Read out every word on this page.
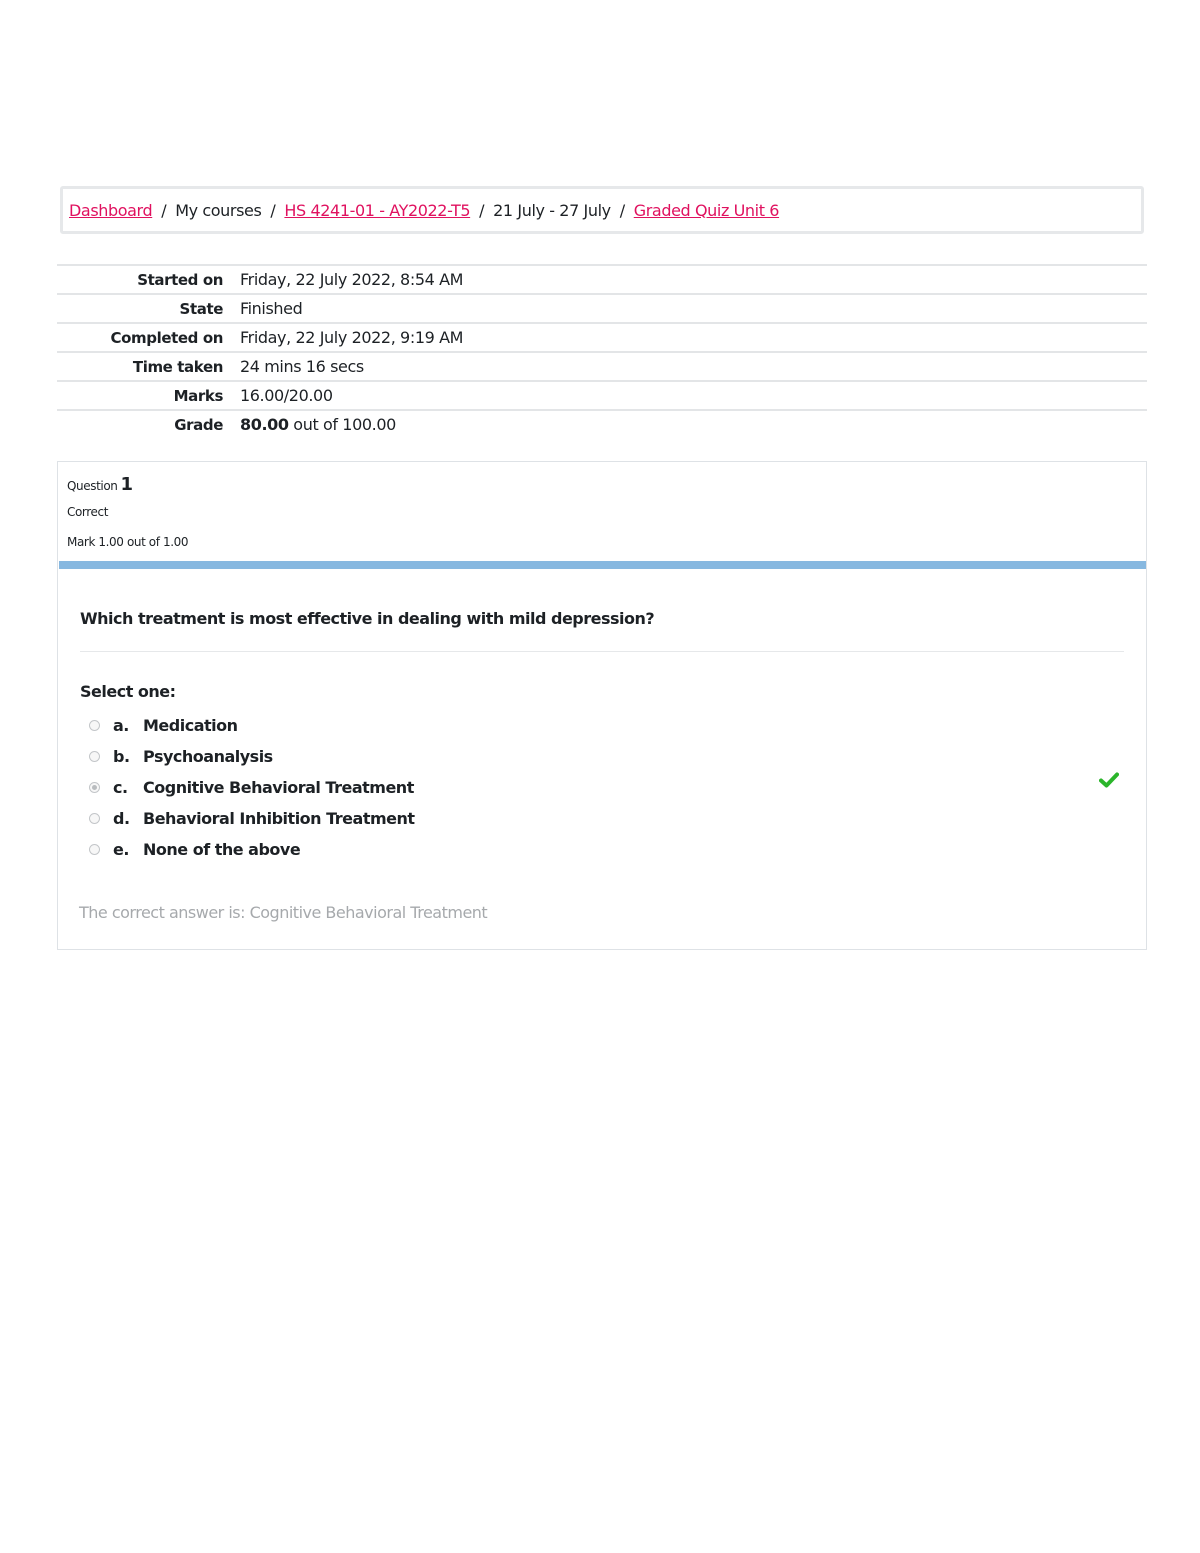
Dashboard / My courses / HS 4241-01 - AY2022-T5 / 21 July - 27 July / Graded Quiz Unit 6
Started on	Friday, 22 July 2022, 8:54 AM
State	Finished
Completed on	Friday, 22 July 2022, 9:19 AM
Time taken	24 mins 16 secs
Marks	16.00/20.00
Grade	80.00 out of 100.00
Question 1
Correct
Mark 1.00 out of 1.00
Which treatment is most effective in dealing with mild depression?
Select one:
a. Medication
b. Psychoanalysis
c. Cognitive Behavioral Treatment
d. Behavioral Inhibition Treatment
e. None of the above
The correct answer is: Cognitive Behavioral Treatment
